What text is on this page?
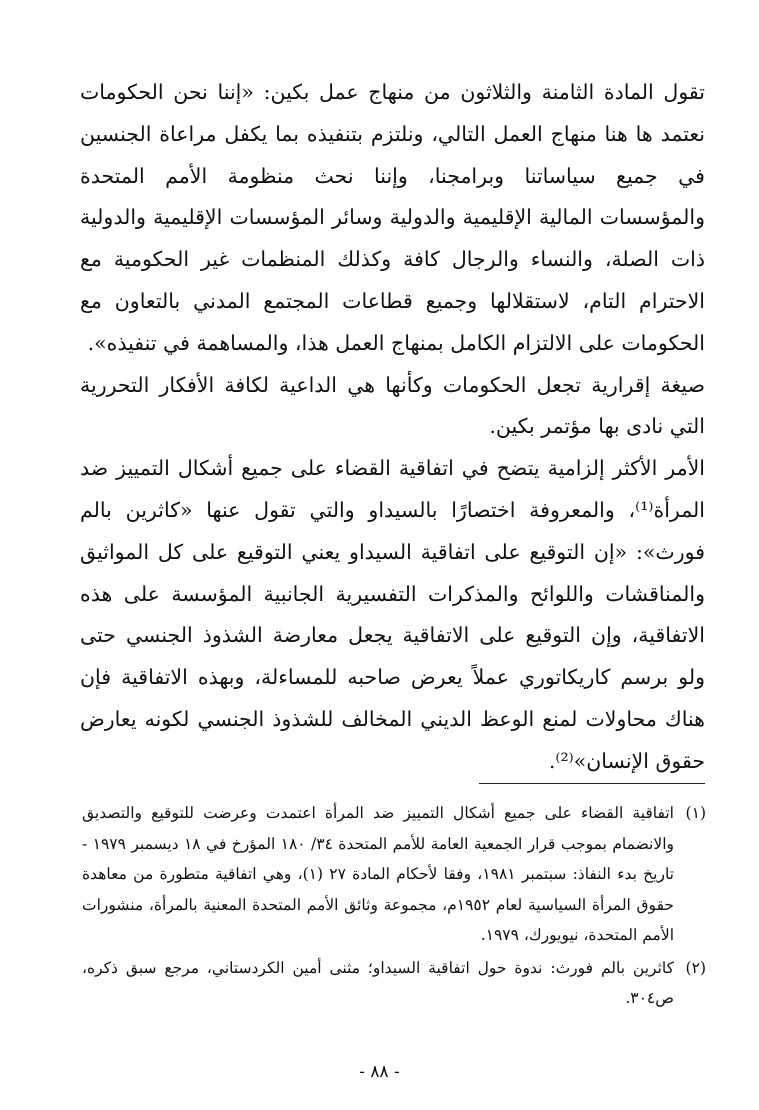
تقول المادة الثامنة والثلاثون من منهاج عمل بكين: «إننا نحن الحكومات نعتمد ها هنا منهاج العمل التالي، ونلتزم بتنفيذه بما يكفل مراعاة الجنسين في جميع سياساتنا وبرامجنا، وإننا نحث منظومة الأمم المتحدة والمؤسسات المالية الإقليمية والدولية وسائر المؤسسات الإقليمية والدولية ذات الصلة، والنساء والرجال كافة وكذلك المنظمات غير الحكومية مع الاحترام التام، لاستقلالها وجميع قطاعات المجتمع المدني بالتعاون مع الحكومات على الالتزام الكامل بمنهاج العمل هذا، والمساهمة في تنفيذه».

صيغة إقرارية تجعل الحكومات وكأنها هي الداعية لكافة الأفكار التحررية التي نادى بها مؤتمر بكين.

الأمر الأكثر إلزامية يتضح في اتفاقية القضاء على جميع أشكال التمييز ضد المرأة⁽¹⁾، والمعروفة اختصارًا بالسيداو والتي تقول عنها «كاثرين بالم فورث»: «إن التوقيع على اتفاقية السيداو يعني التوقيع على كل المواثيق والمناقشات واللوائح والمذكرات التفسيرية الجانبية المؤسسة على هذه الاتفاقية، وإن التوقيع على الاتفاقية يجعل معارضة الشذوذ الجنسي حتى ولو برسم كاريكاتوري عملاً يعرض صاحبه للمساءلة، وبهذه الاتفاقية فإن هناك محاولات لمنع الوعظ الديني المخالف للشذوذ الجنسي لكونه يعارض حقوق الإنسان»⁽²⁾.

(١)
اتفاقية القضاء على جميع أشكال التمييز ضد المرأة اعتمدت وعرضت للتوقيع والتصديق والانضمام بموجب قرار الجمعية العامة للأمم المتحدة ٣٤/ ١٨٠ المؤرخ في ١٨ ديسمبر ١٩٧٩ - تاريخ بدء النفاذ: سبتمبر ١٩٨١، وفقا لأحكام المادة ٢٧ (١)، وهي اتفاقية متطورة من معاهدة حقوق المرأة السياسية لعام ١٩٥٢م، مجموعة وثائق الأمم المتحدة المعنية بالمرأة، منشورات الأمم المتحدة، نيويورك، ١٩٧٩.

(٢)
كاثرين بالم فورث: ندوة حول اتفاقية السيداو؛ مثنى أمين الكردستاني، مرجع سبق ذكره، ص٣٠٤.

- ٨٨ -
